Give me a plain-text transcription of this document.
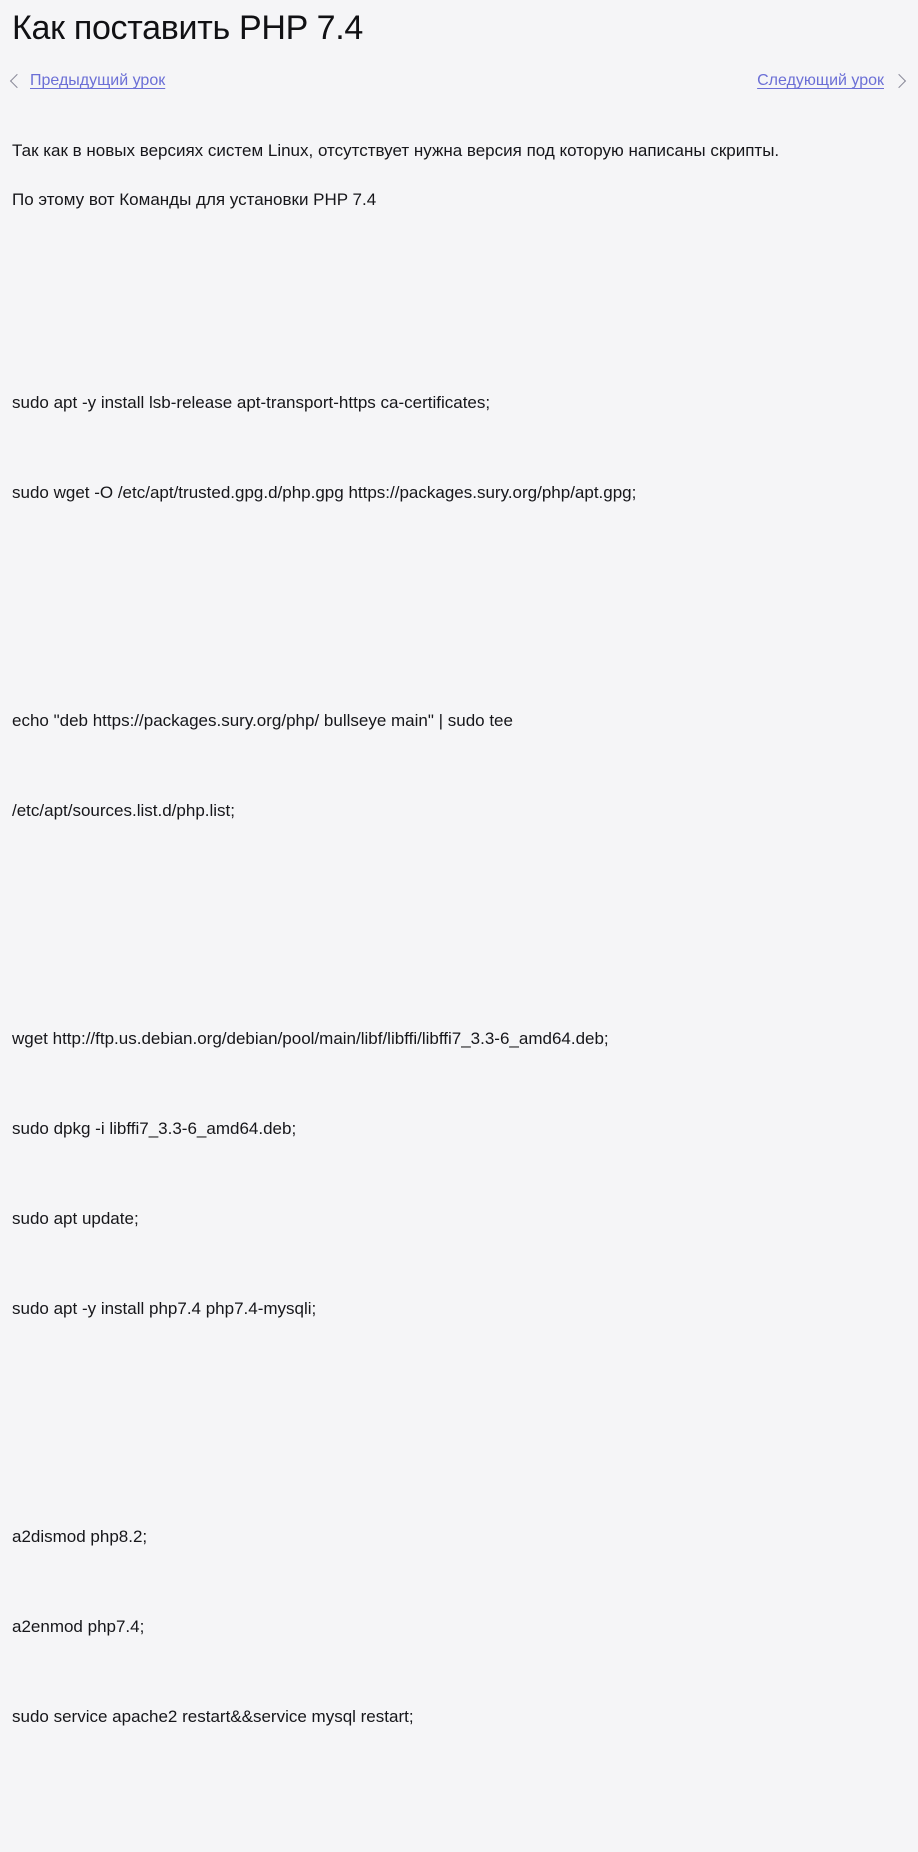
Как поставить PHP 7.4
Предыдущий урок	Следующий урок

Так как в новых версиях систем Linux, отсутствует нужна версия под которую написаны скрипты.

По этому вот Команды для установки PHP 7.4

sudo apt -y install lsb-release apt-transport-https ca-certificates;

sudo wget -O /etc/apt/trusted.gpg.d/php.gpg https://packages.sury.org/php/apt.gpg;

echo "deb https://packages.sury.org/php/ bullseye main" | sudo tee

/etc/apt/sources.list.d/php.list;

wget http://ftp.us.debian.org/debian/pool/main/libf/libffi/libffi7_3.3-6_amd64.deb;

sudo dpkg -i libffi7_3.3-6_amd64.deb;

sudo apt update;

sudo apt -y install php7.4 php7.4-mysqli;

a2dismod php8.2;

a2enmod php7.4;

sudo service apache2 restart&&service mysql restart;
